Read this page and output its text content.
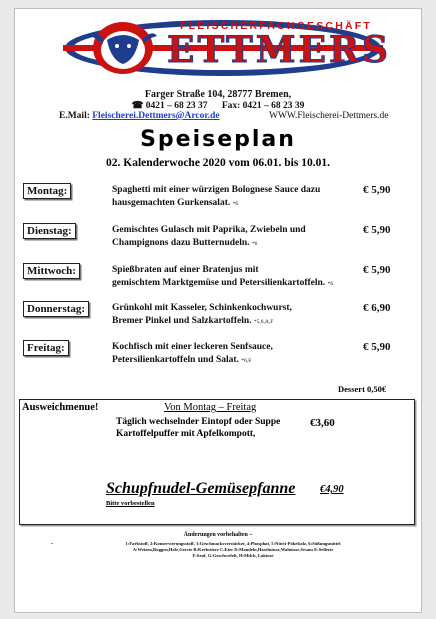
FLEISCHERFACHGESCHÄFT
ETTMERS
Farger Straße 104, 28777 Bremen,
☎ 0421 – 68 23 37 Fax: 0421 – 68 23 39
E.Mail: Fleischerei.Dettmers@Arcor.de	WWW.Fleischerei-Dettmers.de
Speiseplan
02. Kalenderwoche 2020 vom 06.01. bis 10.01.
Montag:	Spaghetti mit einer würzigen Bolognese Sauce dazu
hausgemachten Gurkensalat. *6
€ 5,90
Dienstag:	Gemischtes Gulasch mit Paprika, Zwiebeln und
Champignons dazu Butternudeln. *6
€ 5,90
Mittwoch:	Spießbraten auf einer Bratenjus mit
gemischtem Marktgemüse und Petersilienkartoffeln. *6
€ 5,90
Donnerstag:	Grünkohl mit Kasseler, Schinkenkochwurst,
Bremer Pinkel und Salzkartoffeln. *5,6,A,F
€ 6,90
Freitag:	Kochfisch mit einer leckeren Senfsauce,
Petersilienkartoffeln und Salat. *6,F
€ 5,90
Dessert 0,50€
Ausweichmenue!	Von Montag – Freitag
Täglich wechselnder Eintopf oder Suppe
Kartoffelpuffer mit Apfelkompott,
€3,60
Schupfnudel-Gemüsepfanne €4,90
Bitte vorbestellen
Änderungen vorbehalten –
-	1:Farbstoff, 2:Konservierungsstoff, 3:Geschmacksverstärker, 4:Phosphat, 5:Nitrit-Pökelsalz, 6:Süßungsmittel
A:Weizen,Roggen,Hefe,Gerste B:Krebstiere C:Eier D:Mandeln,Haselnüsse,Walnüsse,Sesam E:Sellerie
F:Senf, G:Geschwefelt, H:Milch, Laktose
